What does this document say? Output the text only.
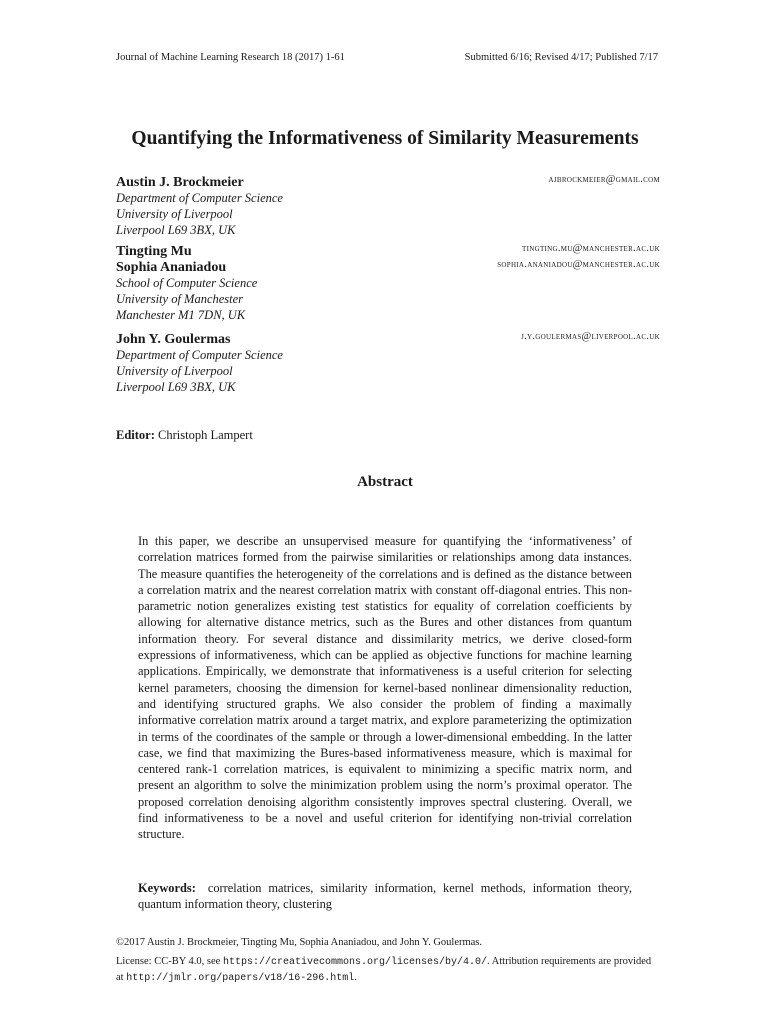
Journal of Machine Learning Research 18 (2017) 1-61	Submitted 6/16; Revised 4/17; Published 7/17
Quantifying the Informativeness of Similarity Measurements
Austin J. Brockmeier	ajbrockmeier@gmail.com
Department of Computer Science
University of Liverpool
Liverpool L69 3BX, UK
Tingting Mu	tingting.mu@manchester.ac.uk
Sophia Ananiadou	sophia.ananiadou@manchester.ac.uk
School of Computer Science
University of Manchester
Manchester M1 7DN, UK
John Y. Goulermas	j.y.goulermas@liverpool.ac.uk
Department of Computer Science
University of Liverpool
Liverpool L69 3BX, UK
Editor: Christoph Lampert
Abstract
In this paper, we describe an unsupervised measure for quantifying the ‘informativeness’ of correlation matrices formed from the pairwise similarities or relationships among data instances. The measure quantifies the heterogeneity of the correlations and is defined as the distance between a correlation matrix and the nearest correlation matrix with constant off-diagonal entries. This non-parametric notion generalizes existing test statistics for equality of correlation coefficients by allowing for alternative distance metrics, such as the Bures and other distances from quantum information theory. For several distance and dissimilarity metrics, we derive closed-form expressions of informativeness, which can be applied as objective functions for machine learning applications. Empirically, we demonstrate that informativeness is a useful criterion for selecting kernel parameters, choosing the dimension for kernel-based nonlinear dimensionality reduction, and identifying structured graphs. We also consider the problem of finding a maximally informative correlation matrix around a target matrix, and explore parameterizing the optimization in terms of the coordinates of the sample or through a lower-dimensional embedding. In the latter case, we find that maximizing the Bures-based informativeness measure, which is maximal for centered rank-1 correlation matrices, is equivalent to minimizing a specific matrix norm, and present an algorithm to solve the minimization problem using the norm’s proximal operator. The proposed correlation denoising algorithm consistently improves spectral clustering. Overall, we find informativeness to be a novel and useful criterion for identifying non-trivial correlation structure.
Keywords: correlation matrices, similarity information, kernel methods, information theory, quantum information theory, clustering
©2017 Austin J. Brockmeier, Tingting Mu, Sophia Ananiadou, and John Y. Goulermas.
License: CC-BY 4.0, see https://creativecommons.org/licenses/by/4.0/. Attribution requirements are provided at http://jmlr.org/papers/v18/16-296.html.
